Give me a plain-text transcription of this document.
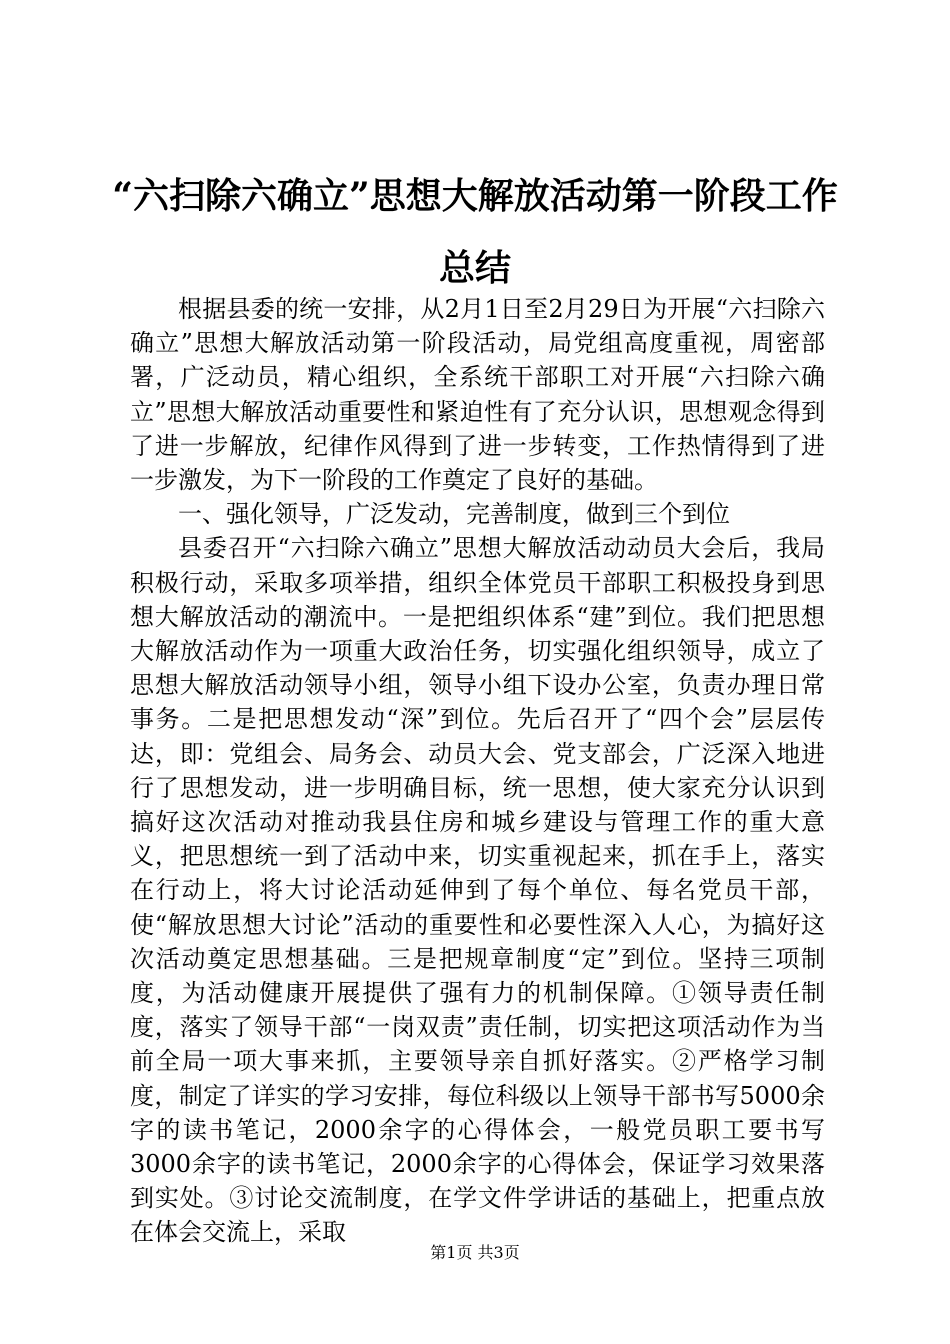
“六扫除六确立”思想大解放活动第一阶段工作总结

根据县委的统一安排，从2月1日至2月29日为开展“六扫除六确立”思想大解放活动第一阶段活动，局党组高度重视，周密部署，广泛动员，精心组织，全系统干部职工对开展“六扫除六确立”思想大解放活动重要性和紧迫性有了充分认识，思想观念得到了进一步解放，纪律作风得到了进一步转变，工作热情得到了进一步激发，为下一阶段的工作奠定了良好的基础。

一、强化领导，广泛发动，完善制度，做到三个到位

县委召开“六扫除六确立”思想大解放活动动员大会后，我局积极行动，采取多项举措，组织全体党员干部职工积极投身到思想大解放活动的潮流中。一是把组织体系“建”到位。我们把思想大解放活动作为一项重大政治任务，切实强化组织领导，成立了思想大解放活动领导小组，领导小组下设办公室，负责办理日常事务。二是把思想发动“深”到位。先后召开了“四个会”层层传达，即：党组会、局务会、动员大会、党支部会，广泛深入地进行了思想发动，进一步明确目标，统一思想，使大家充分认识到搞好这次活动对推动我县住房和城乡建设与管理工作的重大意义，把思想统一到了活动中来，切实重视起来，抓在手上，落实在行动上，将大讨论活动延伸到了每个单位、每名党员干部，使“解放思想大讨论”活动的重要性和必要性深入人心，为搞好这次活动奠定思想基础。三是把规章制度“定”到位。坚持三项制度，为活动健康开展提供了强有力的机制保障。①领导责任制度，落实了领导干部“一岗双责”责任制，切实把这项活动作为当前全局一项大事来抓，主要领导亲自抓好落实。②严格学习制度，制定了详实的学习安排，每位科级以上领导干部书写5000余字的读书笔记，2000余字的心得体会，一般党员职工要书写3000余字的读书笔记，2000余字的心得体会，保证学习效果落到实处。③讨论交流制度，在学文件学讲话的基础上，把重点放在体会交流上，采取

第1页 共3页
